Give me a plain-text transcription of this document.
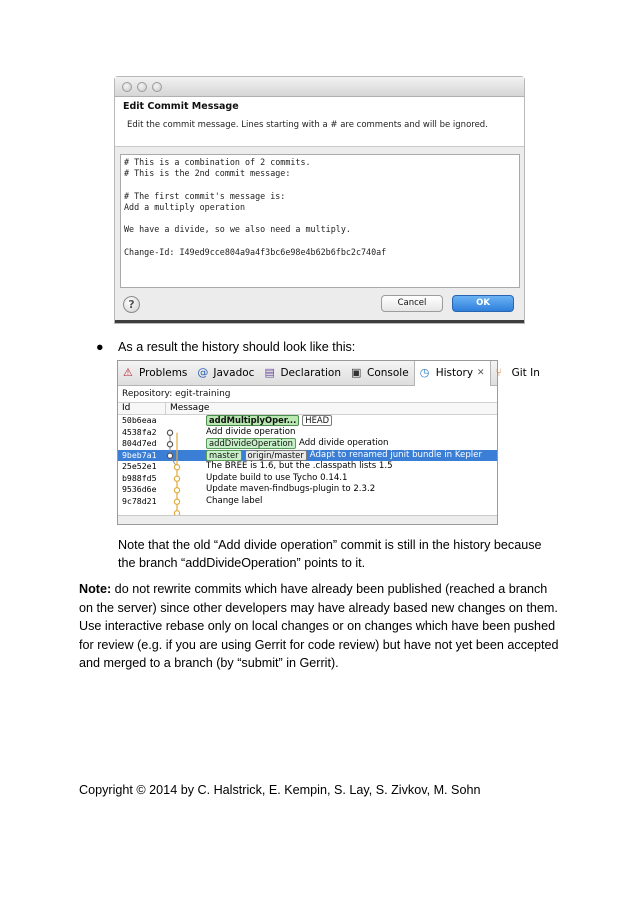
Edit Commit Message
Edit the commit message. Lines starting with a # are comments and will be ignored.
# This is a combination of 2 commits.
# This is the 2nd commit message:
# The first commit's message is:
Add a multiply operation
We have a divide, so we also need a multiply.
Change-Id: I49ed9cce804a9a4f3bc6e98e4b62b6fbc2c740af
?	Cancel	OK
●	As a result the history should look like this:
⚠ Problems @ Javadoc ▤ Declaration ▣ Console ◷ History ✕ ⑂ Git In
Repository: egit-training
Id	Message
50b6eaa	addMultiplyOper...	HEAD
4538fa2	Add divide operation
804d7ed	addDivideOperation Add divide operation
9beb7a1	master	origin/master Adapt to renamed junit bundle in Kepler
25e52e1	The BREE is 1.6, but the .classpath lists 1.5
b988fd5	Update build to use Tycho 0.14.1
9536d6e	Update maven-findbugs-plugin to 2.3.2
9c78d21	Change label
Note that the old “Add divide operation” commit is still in the history because the branch “addDivideOperation” points to it.
Note: do not rewrite commits which have already been published (reached a branch on the server) since other developers may have already based new changes on them. Use interactive rebase only on local changes or on changes which have been pushed for review (e.g. if you are using Gerrit for code review) but have not yet been accepted and merged to a branch (by “submit” in Gerrit).
Copyright © 2014 by C. Halstrick, E. Kempin, S. Lay, S. Zivkov, M. Sohn
